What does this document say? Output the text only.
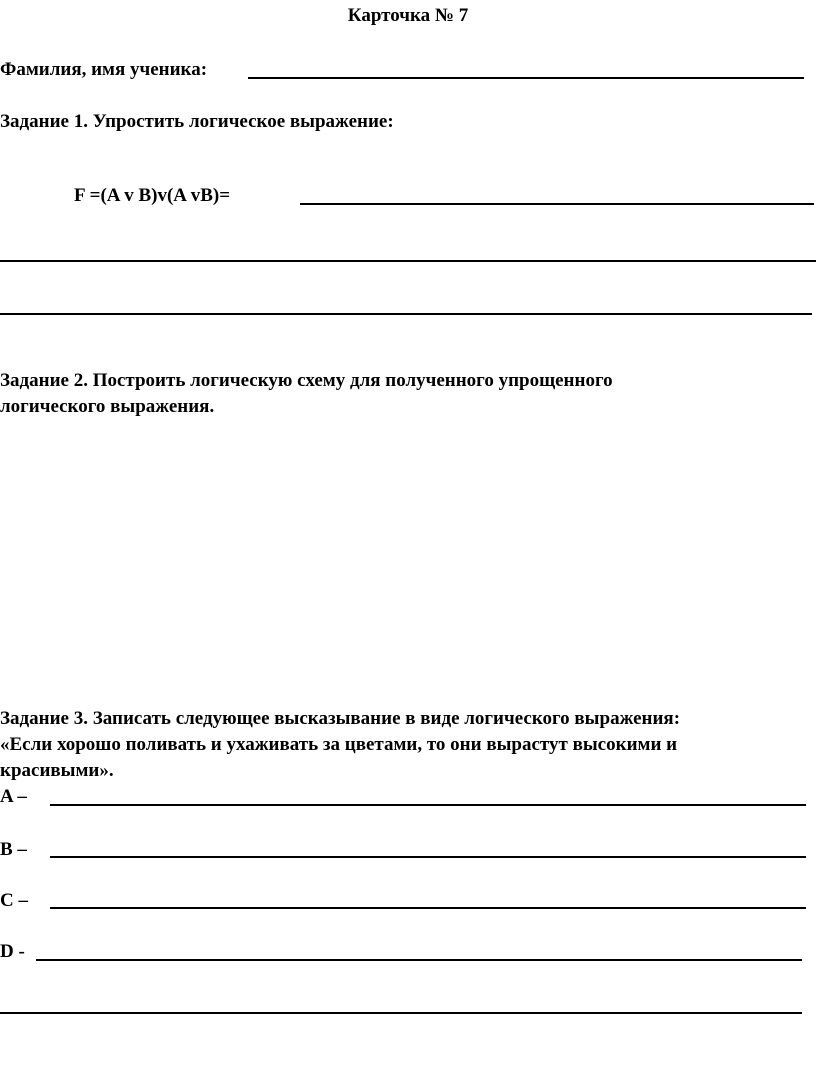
Карточка № 7
Фамилия, имя ученика:
Задание 1. Упростить логическое выражение:
F =(A v B)v(A vB)=
Задание 2. Построить логическую схему для полученного упрощенного
логического выражения.
Задание 3. Записать следующее высказывание в виде логического выражения:
«Если хорошо поливать и ухаживать за цветами, то они вырастут высокими и
красивыми».
A –
B –
C –
D -
